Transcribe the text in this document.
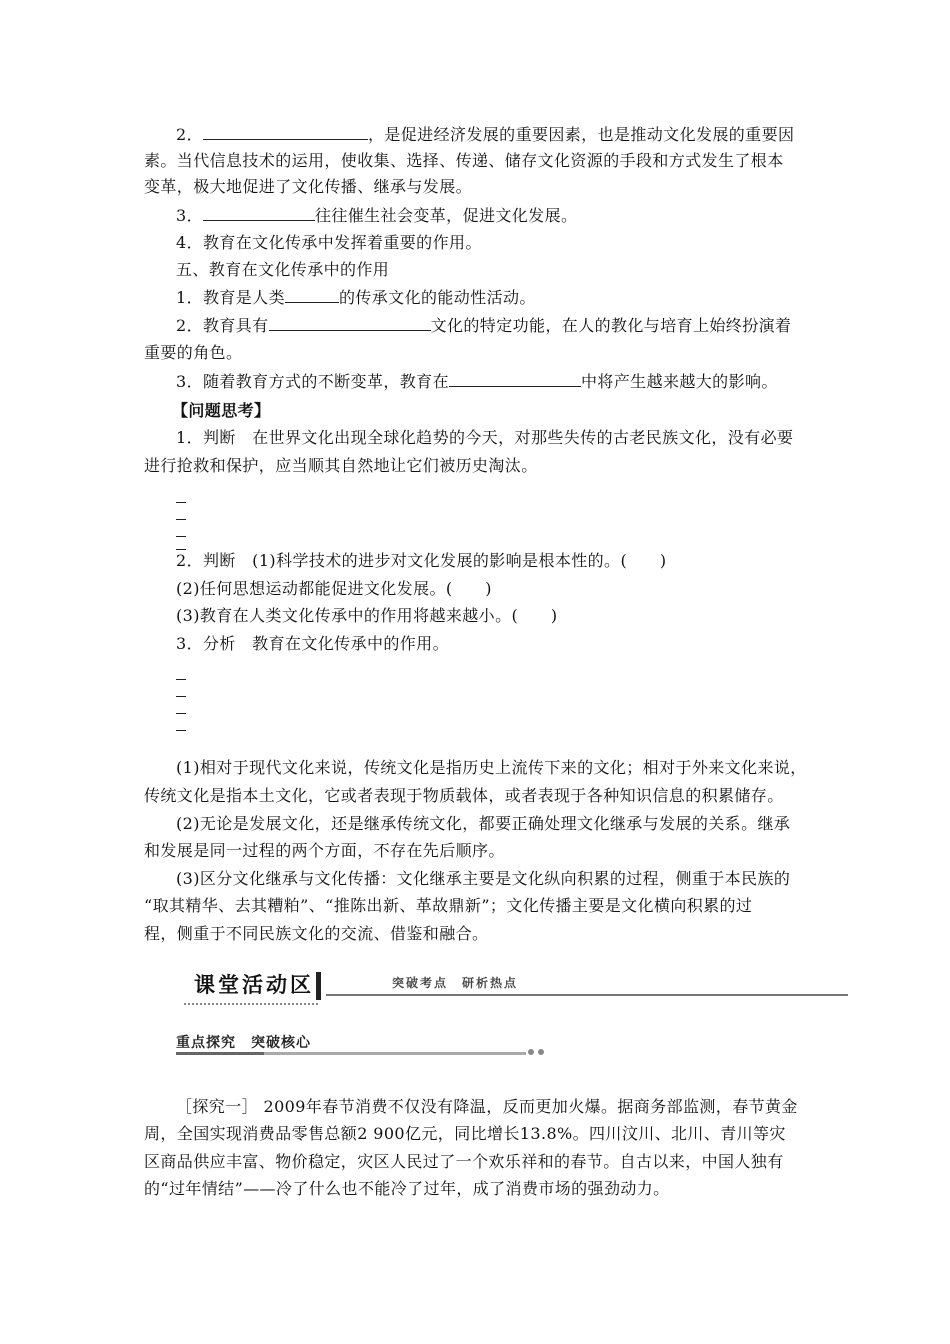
2．	，是促进经济发展的重要因素，也是推动文化发展的重要因
素。当代信息技术的运用，使收集、选择、传递、储存文化资源的手段和方式发生了根本
变革，极大地促进了文化传播、继承与发展。
3．	往往催生社会变革，促进文化发展。
4．教育在文化传承中发挥着重要的作用。
五、教育在文化传承中的作用
1．教育是人类	的传承文化的能动性活动。
2．教育具有	文化的特定功能，在人的教化与培育上始终扮演着
重要的角色。
3．随着教育方式的不断变革，教育在	中将产生越来越大的影响。
【问题思考】
1．判断　在世界文化出现全球化趋势的今天，对那些失传的古老民族文化，没有必要
进行抢救和保护，应当顺其自然地让它们被历史淘汰。
2．判断　(1)科学技术的进步对文化发展的影响是根本性的。(　　)
(2)任何思想运动都能促进文化发展。(　　)
(3)教育在人类文化传承中的作用将越来越小。(　　)
3．分析　教育在文化传承中的作用。
(1)相对于现代文化来说，传统文化是指历史上流传下来的文化；相对于外来文化来说，
传统文化是指本土文化，它或者表现于物质载体，或者表现于各种知识信息的积累储存。
(2)无论是发展文化，还是继承传统文化，都要正确处理文化继承与发展的关系。继承
和发展是同一过程的两个方面，不存在先后顺序。
(3)区分文化继承与文化传播：文化继承主要是文化纵向积累的过程，侧重于本民族的
“取其精华、去其糟粕”、“推陈出新、革故鼎新”；文化传播主要是文化横向积累的过
程，侧重于不同民族文化的交流、借鉴和融合。
课堂活动区	突破考点　研析热点
重点探究　突破核心
［探究一］ 2009年春节消费不仅没有降温，反而更加火爆。据商务部监测，春节黄金
周，全国实现消费品零售总额2 900亿元，同比增长13.8%。四川汶川、北川、青川等灾
区商品供应丰富、物价稳定，灾区人民过了一个欢乐祥和的春节。自古以来，中国人独有
的“过年情结”——冷了什么也不能冷了过年，成了消费市场的强劲动力。
